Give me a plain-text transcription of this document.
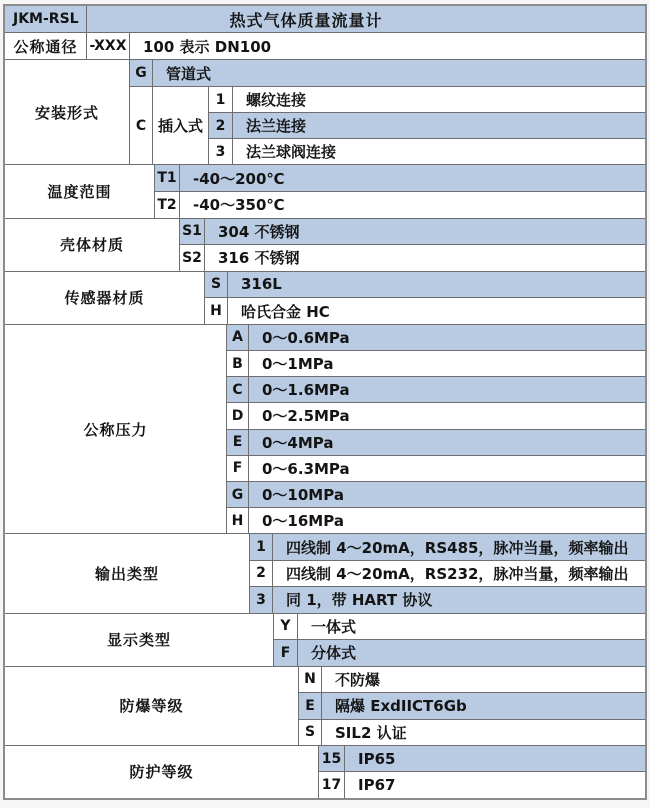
JKM-RSL	热式气体质量流量计
公称通径 -XXX	100 表示 DN100
安装形式
G	管道式
C 插入式
1	螺纹连接
2	法兰连接
3	法兰球阀连接
温度范围
T1	-40～200℃
T2	-40～350℃
壳体材质
S1	304 不锈钢
S2	316 不锈钢
传感器材质
S	316L
H	哈氏合金 HC
公称压力
A	0～0.6MPa
B	0～1MPa
C	0～1.6MPa
D	0～2.5MPa
E	0～4MPa
F	0～6.3MPa
G	0～10MPa
H	0～16MPa
输出类型
1	四线制 4～20mA，RS485，脉冲当量，频率输出
2	四线制 4～20mA，RS232，脉冲当量，频率输出
3	同 1，带 HART 协议
显示类型
Y	一体式
F	分体式
防爆等级
N	不防爆
E	隔爆 ExdIICT6Gb
S	SIL2 认证
防护等级
15	IP65
17	IP67
